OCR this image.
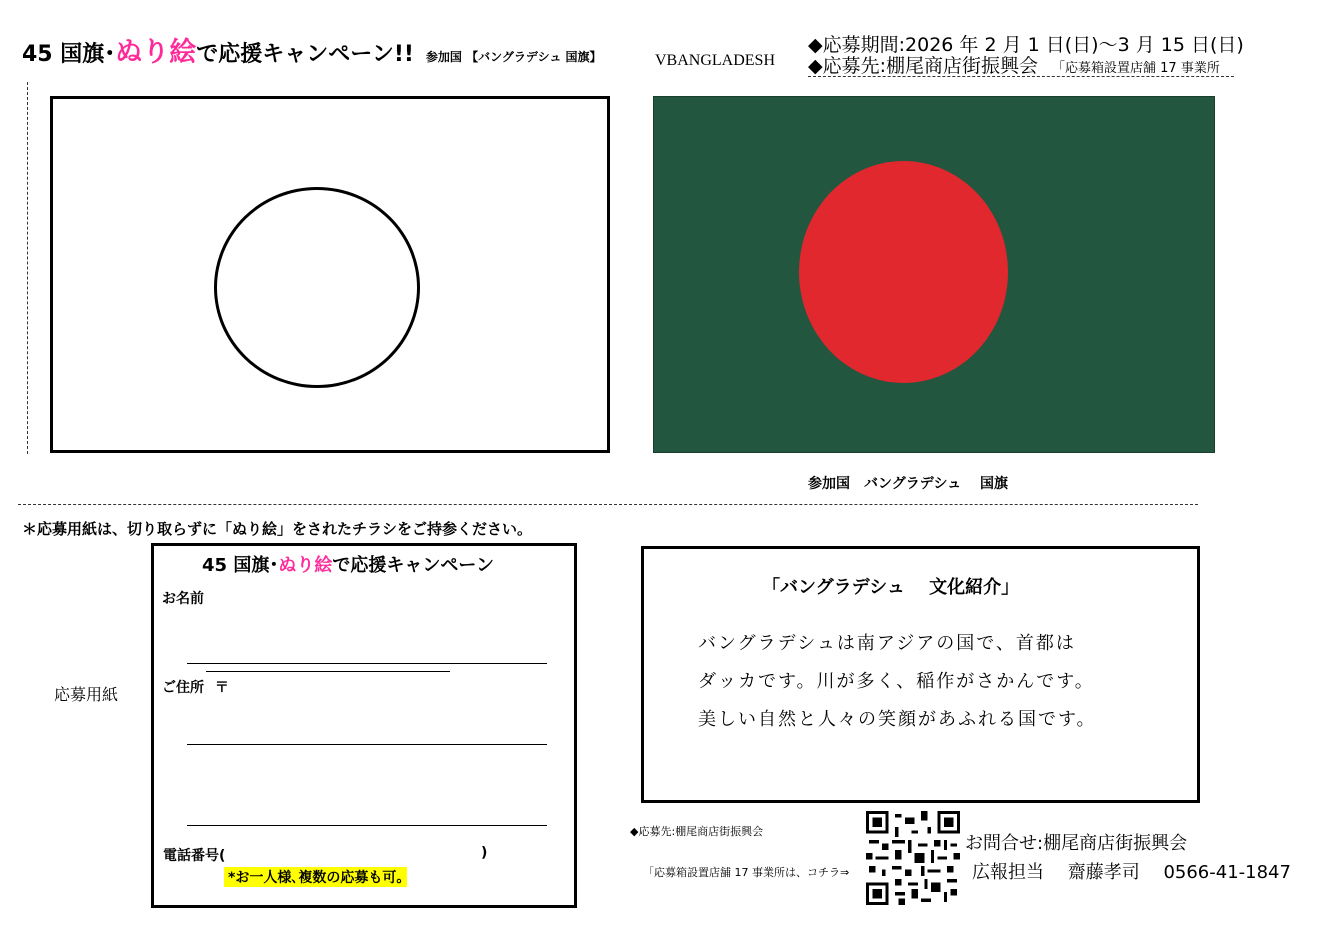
45 国旗･ぬり絵で応援キャンペーン!! 参加国 【バングラデシュ 国旗】	VBANGLADESH
◆応募期間:2026 年 2 月 1 日(日)～3 月 15 日(日)
◆応募先:棚尾商店街振興会 「応募箱設置店舗 17 事業所
参加国　バングラデシュ　 国旗
＊応募用紙は、切り取らずに「ぬり絵」をされたチラシをご持参ください。
応募用紙
45 国旗･ぬり絵で応援キャンペーン
お名前
ご住所 〒
電話番号(	)
*お一人様､複数の応募も可｡
「バングラデシュ　 文化紹介」
バングラデシュは南アジアの国で、首都は
ダッカです。川が多く、稲作がさかんです。
美しい自然と人々の笑顔があふれる国です。
◆応募先:棚尾商店街振興会
「応募箱設置店舗 17 事業所は、コチラ⇒
お問合せ:棚尾商店街振興会
広報担当　 齋藤孝司　 0566-41-1847
